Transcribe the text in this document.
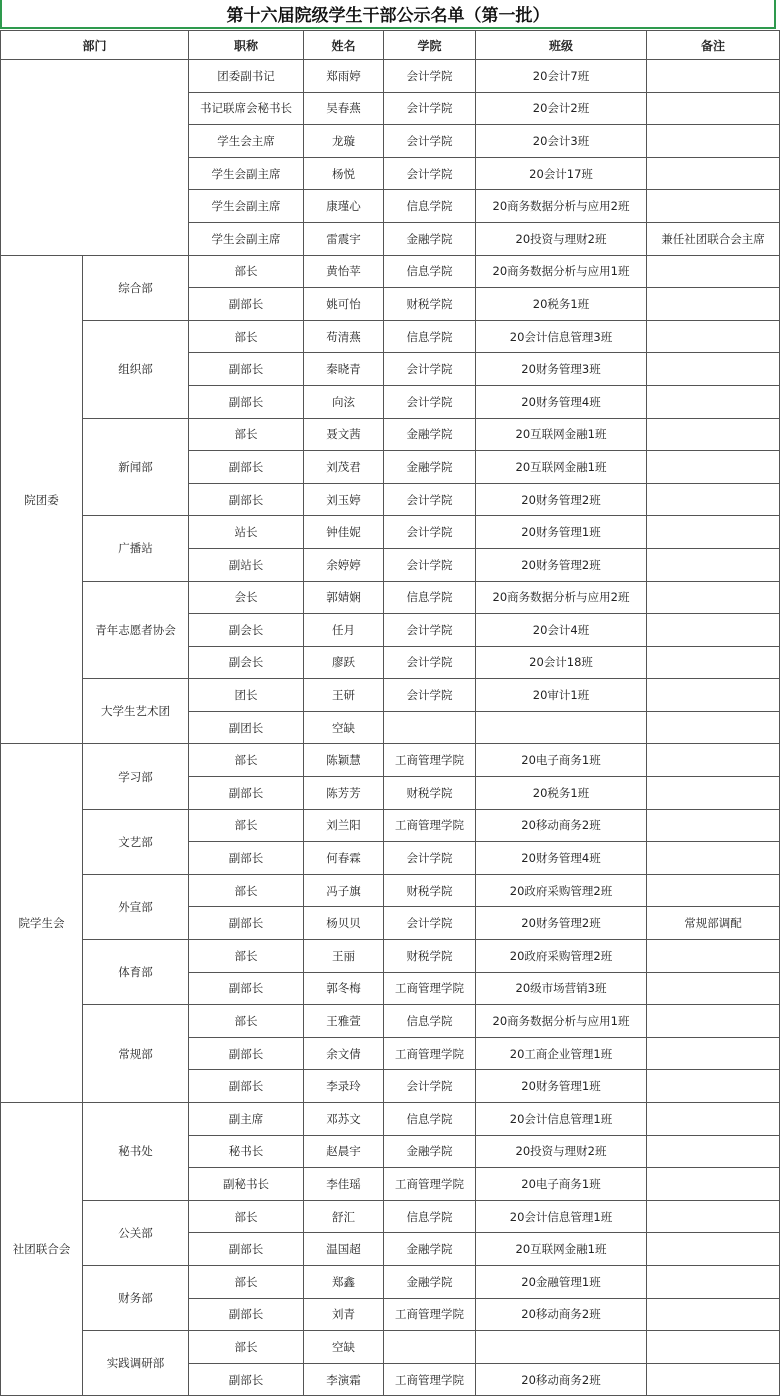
第十六届院级学生干部公示名单（第一批）
部门		职称	姓名	学院	班级	备注
		团委副书记	郑雨婷	会计学院	20会计7班	
		书记联席会秘书长	吴春燕	会计学院	20会计2班	
		学生会主席	龙璇	会计学院	20会计3班	
		学生会副主席	杨悦	会计学院	20会计17班	
		学生会副主席	康瑾心	信息学院	20商务数据分析与应用2班	
		学生会副主席	雷震宇	金融学院	20投资与理财2班	兼任社团联合会主席
院团委	综合部	部长	黄怡苹	信息学院	20商务数据分析与应用1班	
		副部长	姚可怡	财税学院	20税务1班	
	组织部	部长	苟清燕	信息学院	20会计信息管理3班	
		副部长	秦晓青	会计学院	20财务管理3班	
		副部长	向泫	会计学院	20财务管理4班	
	新闻部	部长	聂文茜	金融学院	20互联网金融1班	
		副部长	刘茂君	金融学院	20互联网金融1班	
		副部长	刘玉婷	会计学院	20财务管理2班	
	广播站	站长	钟佳妮	会计学院	20财务管理1班	
		副站长	余婷婷	会计学院	20财务管理2班	
	青年志愿者协会	会长	郭婧娴	信息学院	20商务数据分析与应用2班	
		副会长	任月	会计学院	20会计4班	
		副会长	廖跃	会计学院	20会计18班	
	大学生艺术团	团长	王研	会计学院	20审计1班	
		副团长	空缺			
院学生会	学习部	部长	陈颖慧	工商管理学院	20电子商务1班	
		副部长	陈芳芳	财税学院	20税务1班	
	文艺部	部长	刘兰阳	工商管理学院	20移动商务2班	
		副部长	何春霖	会计学院	20财务管理4班	
	外宣部	部长	冯子旗	财税学院	20政府采购管理2班	
		副部长	杨贝贝	会计学院	20财务管理2班	常规部调配
	体育部	部长	王丽	财税学院	20政府采购管理2班	
		副部长	郭冬梅	工商管理学院	20级市场营销3班	
	常规部	部长	王雅萱	信息学院	20商务数据分析与应用1班	
		副部长	余文倩	工商管理学院	20工商企业管理1班	
		副部长	李录玲	会计学院	20财务管理1班	
社团联合会	秘书处	副主席	邓苏文	信息学院	20会计信息管理1班	
		秘书长	赵晨宇	金融学院	20投资与理财2班	
		副秘书长	李佳瑶	工商管理学院	20电子商务1班	
	公关部	部长	舒汇	信息学院	20会计信息管理1班	
		副部长	温国超	金融学院	20互联网金融1班	
	财务部	部长	郑鑫	金融学院	20金融管理1班	
		副部长	刘青	工商管理学院	20移动商务2班	
	实践调研部	部长	空缺			
		副部长	李演霜	工商管理学院	20移动商务2班	
